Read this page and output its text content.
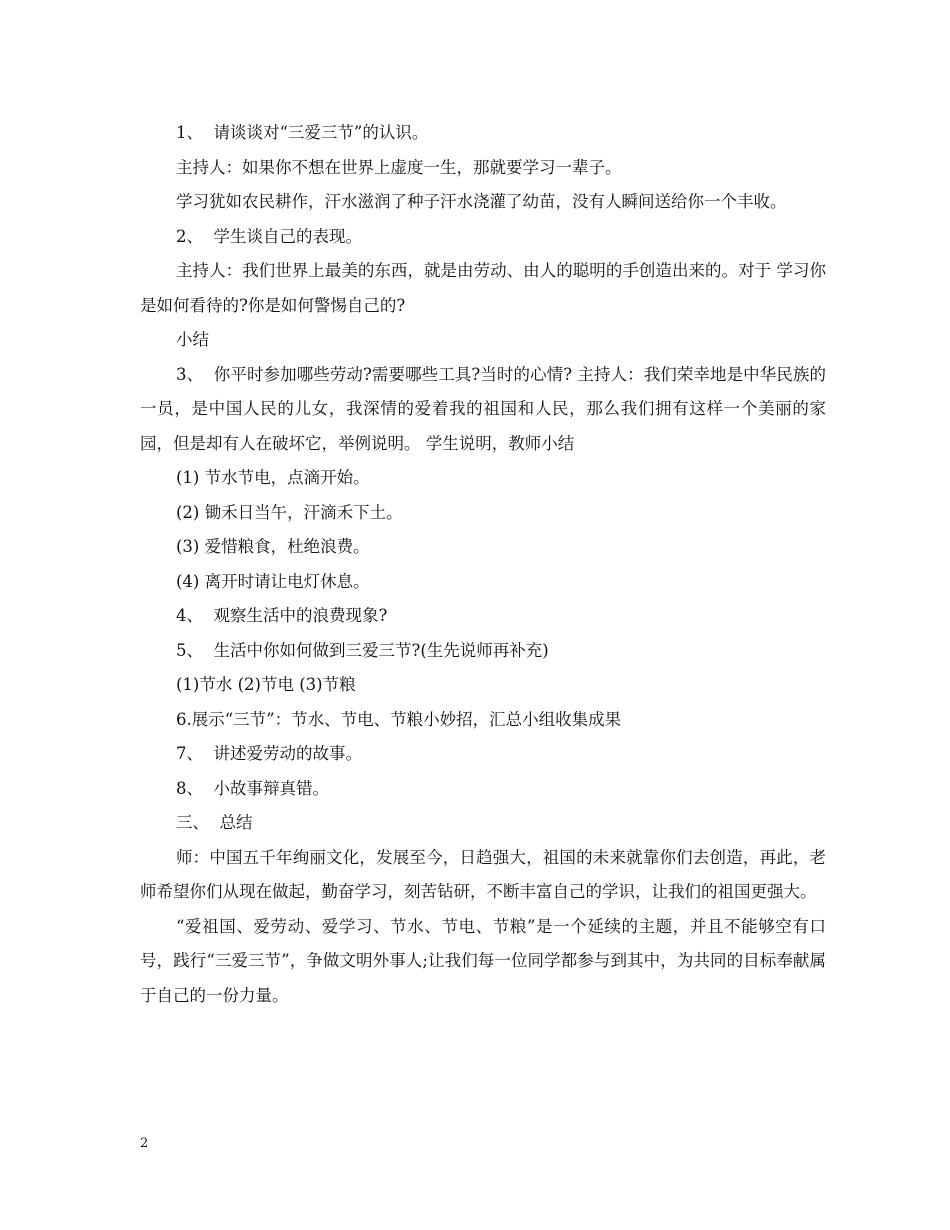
1、  请谈谈对“三爱三节”的认识。

主持人：如果你不想在世界上虚度一生，那就要学习一辈子。

学习犹如农民耕作，汗水滋润了种子汗水浇灌了幼苗，没有人瞬间送给你一个丰收。

2、  学生谈自己的表现。

主持人：我们世界上最美的东西，就是由劳动、由人的聪明的手创造出来的。对于 学习你是如何看待的?你是如何警惕自己的?

小结

3、  你平时参加哪些劳动?需要哪些工具?当时的心情? 主持人：我们荣幸地是中华民族的一员，是中国人民的儿女，我深情的爱着我的祖国和人民，那么我们拥有这样一个美丽的家园，但是却有人在破坏它，举例说明。 学生说明，教师小结

(1) 节水节电，点滴开始。

(2) 锄禾日当午，汗滴禾下土。

(3) 爱惜粮食，杜绝浪费。

(4) 离开时请让电灯休息。

4、  观察生活中的浪费现象?

5、  生活中你如何做到三爱三节?(生先说师再补充)

(1)节水 (2)节电 (3)节粮

6.展示“三节”：节水、节电、节粮小妙招，汇总小组收集成果

7、  讲述爱劳动的故事。

8、  小故事辩真错。

三、  总结

师：中国五千年绚丽文化，发展至今，日趋强大，祖国的未来就靠你们去创造，再此，老师希望你们从现在做起，勤奋学习，刻苦钻研，不断丰富自己的学识，让我们的祖国更强大。

“爱祖国、爱劳动、爱学习、节水、节电、节粮”是一个延续的主题，并且不能够空有口号，践行“三爱三节”，争做文明外事人;让我们每一位同学都参与到其中，为共同的目标奉献属于自己的一份力量。

2
